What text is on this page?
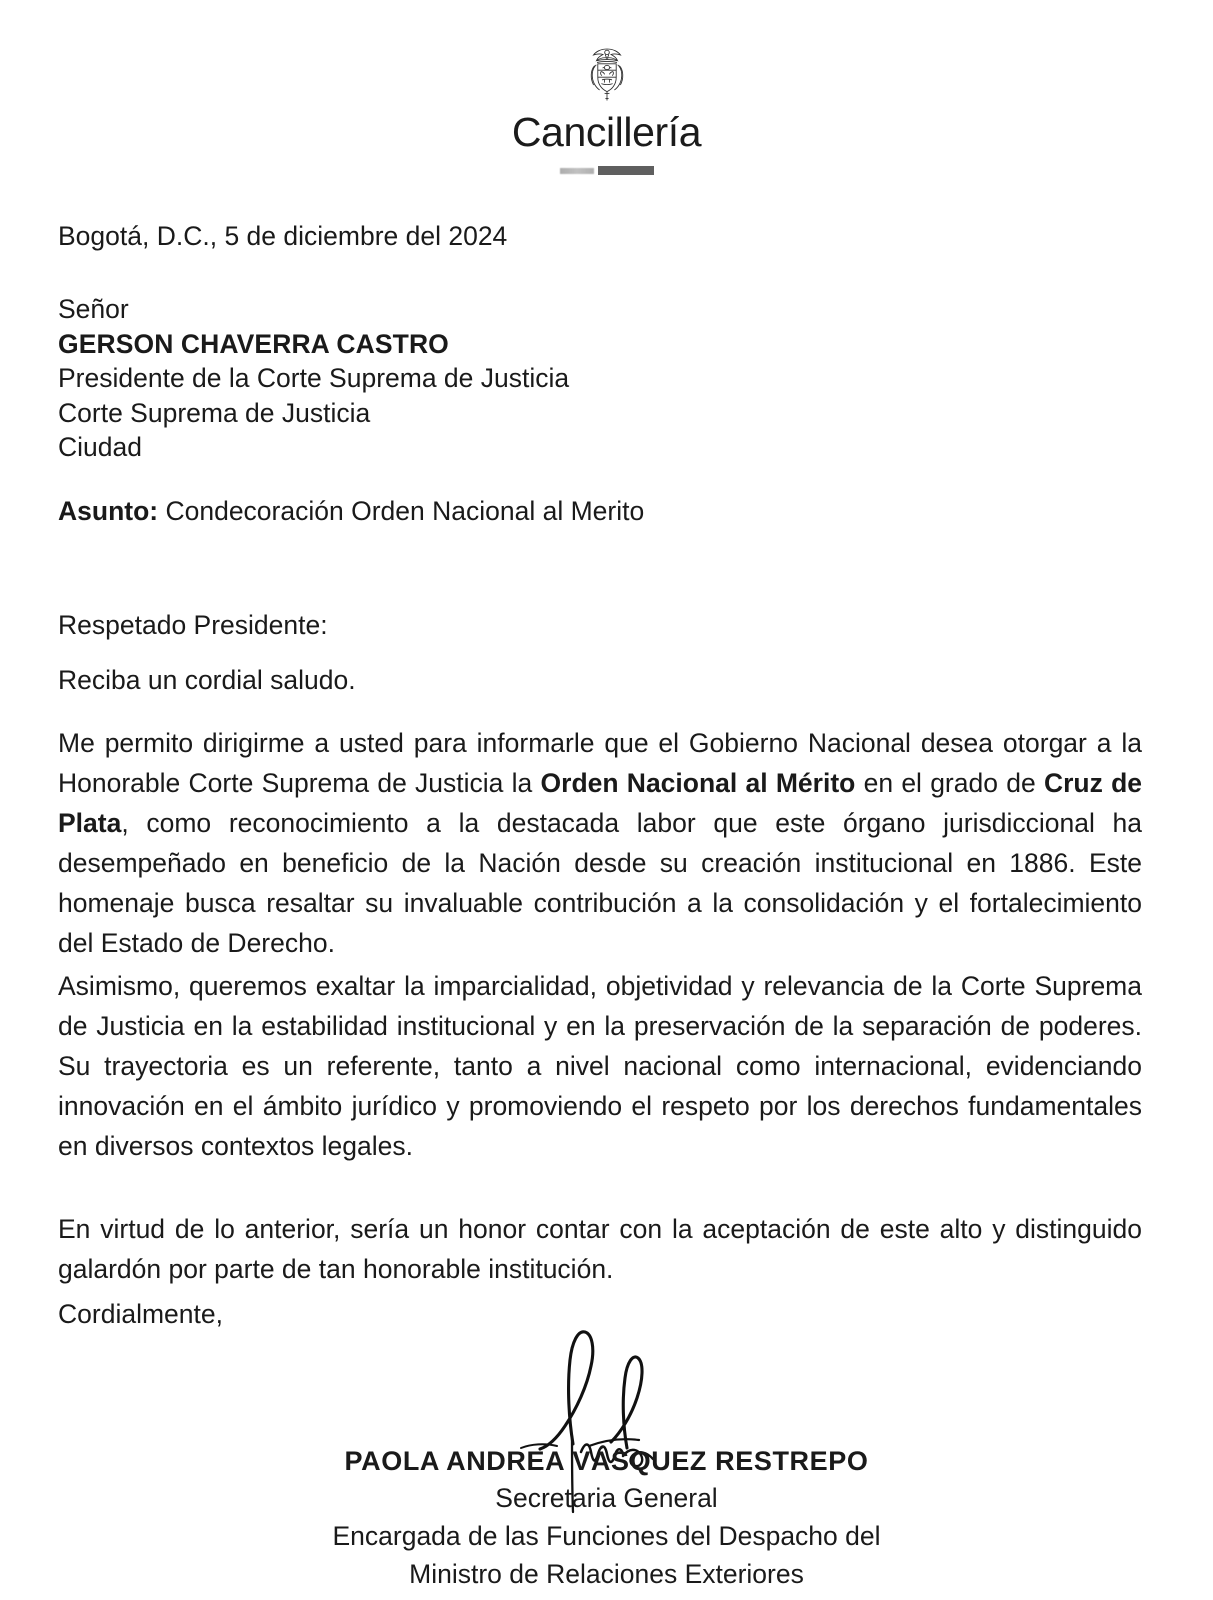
Cancillería
Bogotá, D.C., 5 de diciembre del 2024
Señor
GERSON CHAVERRA CASTRO
Presidente de la Corte Suprema de Justicia
Corte Suprema de Justicia
Ciudad
Asunto: Condecoración Orden Nacional al Merito
Respetado Presidente:
Reciba un cordial saludo.
Me permito dirigirme a usted para informarle que el Gobierno Nacional desea otorgar a la Honorable Corte Suprema de Justicia la Orden Nacional al Mérito en el grado de Cruz de Plata, como reconocimiento a la destacada labor que este órgano jurisdiccional ha desempeñado en beneficio de la Nación desde su creación institucional en 1886. Este homenaje busca resaltar su invaluable contribución a la consolidación y el fortalecimiento del Estado de Derecho.
Asimismo, queremos exaltar la imparcialidad, objetividad y relevancia de la Corte Suprema de Justicia en la estabilidad institucional y en la preservación de la separación de poderes. Su trayectoria es un referente, tanto a nivel nacional como internacional, evidenciando innovación en el ámbito jurídico y promoviendo el respeto por los derechos fundamentales en diversos contextos legales.
En virtud de lo anterior, sería un honor contar con la aceptación de este alto y distinguido galardón por parte de tan honorable institución.
Cordialmente,
PAOLA ANDREA VÁSQUEZ RESTREPO
Secretaria General
Encargada de las Funciones del Despacho del
Ministro de Relaciones Exteriores
